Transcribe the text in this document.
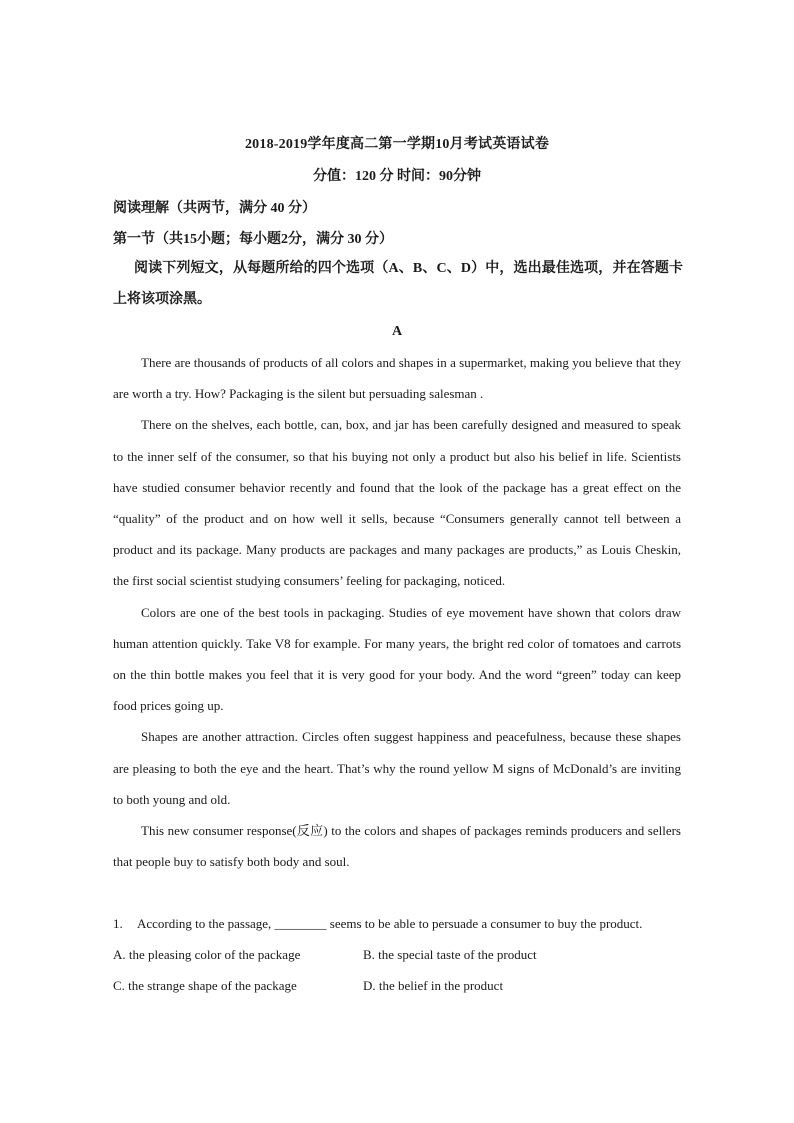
2018-2019学年度高二第一学期10月考试英语试卷
分值：120 分 时间：90分钟
阅读理解（共两节，满分 40 分）
第一节（共15小题；每小题2分，满分 30 分）
阅读下列短文，从每题所给的四个选项（A、B、C、D）中，选出最佳选项，并在答题卡上将该项涂黑。
A

There are thousands of products of all colors and shapes in a supermarket, making you believe that they are worth a try. How? Packaging is the silent but persuading salesman .

There on the shelves, each bottle, can, box, and jar has been carefully designed and measured to speak to the inner self of the consumer, so that his buying not only a product but also his belief in life. Scientists have studied consumer behavior recently and found that the look of the package has a great effect on the “quality” of the product and on how well it sells, because “Consumers generally cannot tell between a product and its package. Many products are packages and many packages are products,” as Louis Cheskin, the first social scientist studying consumers’ feeling for packaging, noticed.

Colors are one of the best tools in packaging. Studies of eye movement have shown that colors draw human attention quickly. Take V8 for example. For many years, the bright red color of tomatoes and carrots on the thin bottle makes you feel that it is very good for your body. And the word “green” today can keep food prices going up.

Shapes are another attraction. Circles often suggest happiness and peacefulness, because these shapes are pleasing to both the eye and the heart. That’s why the round yellow M signs of McDonald’s are inviting to both young and old.

This new consumer response(反应) to the colors and shapes of packages reminds producers and sellers that people buy to satisfy both body and soul.

1.	According to the passage, ________ seems to be able to persuade a consumer to buy the product.
A. the pleasing color of the package	B. the special taste of the product
C. the strange shape of the package	D. the belief in the product
